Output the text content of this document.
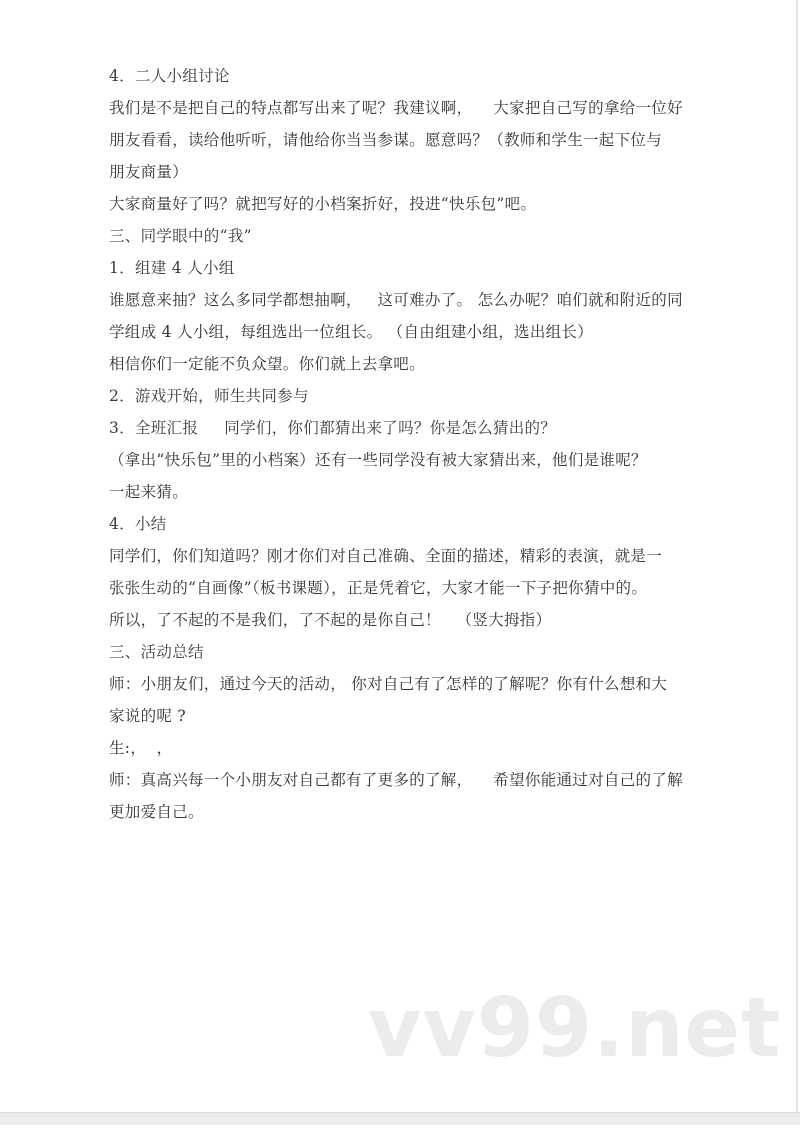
4．二人小组讨论
我们是不是把自己的特点都写出来了呢？我建议啊，    大家把自己写的拿给一位好
朋友看看，读给他听听，请他给你当当参谋。愿意吗？（教师和学生一起下位与
朋友商量）
大家商量好了吗？就把写好的小档案折好，投进“快乐包”吧。
三、同学眼中的“我”
1．组建 4 人小组
谁愿意来抽？这么多同学都想抽啊，   这可难办了。 怎么办呢？咱们就和附近的同
学组成 4 人小组，每组选出一位组长。 （自由组建小组，选出组长）
相信你们一定能不负众望。你们就上去拿吧。
2．游戏开始，师生共同参与
3．全班汇报     同学们，你们都猜出来了吗？你是怎么猜出的？
（拿出“快乐包”里的小档案）还有一些同学没有被大家猜出来，他们是谁呢？
一起来猜。
4．小结
同学们，你们知道吗？刚才你们对自己准确、全面的描述，精彩的表演，就是一
张张生动的“自画像”（板书课题），正是凭着它，大家才能一下子把你猜中的。
所以，了不起的不是我们，了不起的是你自己！   （竖大拇指）
三、活动总结
师：小朋友们，通过今天的活动， 你对自己有了怎样的了解呢？你有什么想和大
家说的呢 ?
生:，  ，
师：真高兴每一个小朋友对自己都有了更多的了解，    希望你能通过对自己的了解
更加爱自己。
vv99.net
